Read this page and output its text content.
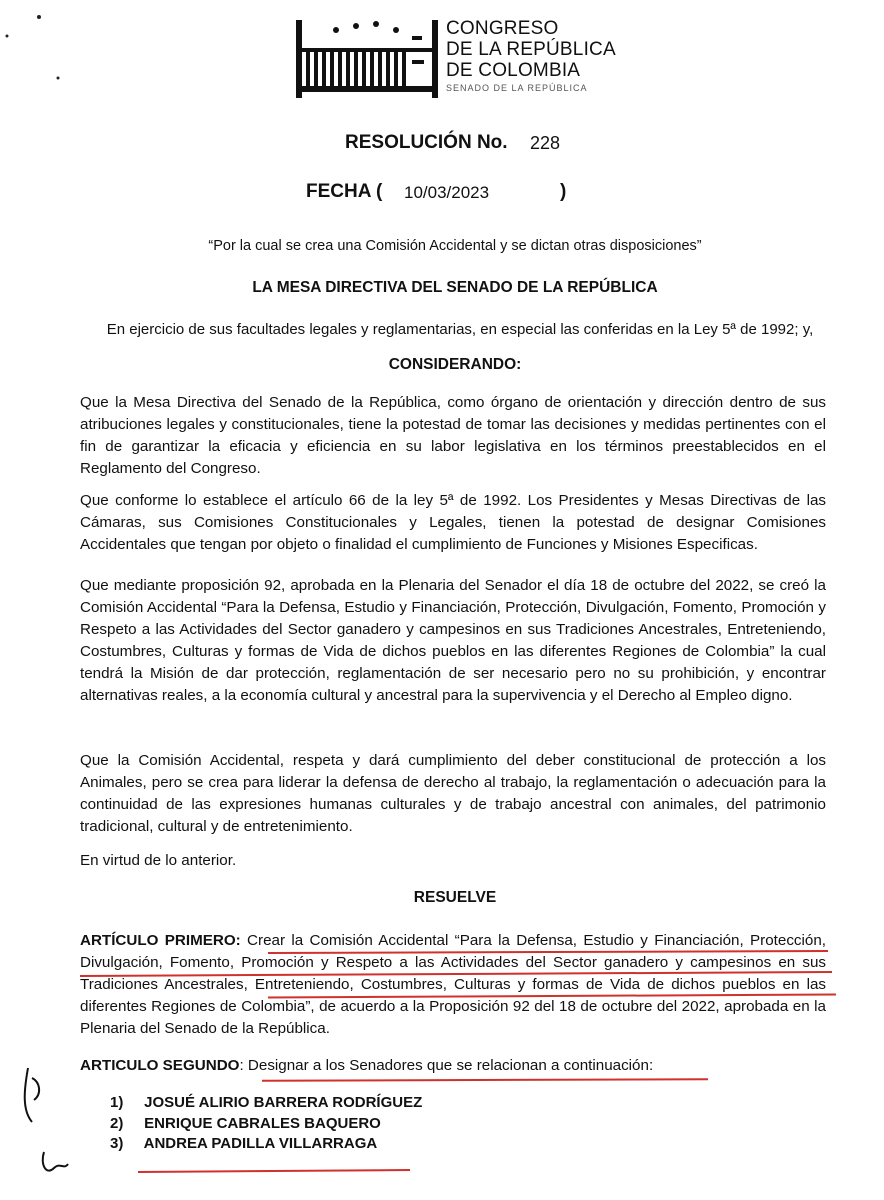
CONGRESO
DE LA REPÚBLICA
DE COLOMBIA
SENADO DE LA REPÚBLICA
RESOLUCIÓN No. 228
FECHA ( 10/03/2023	)
“Por la cual se crea una Comisión Accidental y se dictan otras disposiciones”
LA MESA DIRECTIVA DEL SENADO DE LA REPÚBLICA
En ejercicio de sus facultades legales y reglamentarias, en especial las conferidas en la Ley 5ª de 1992; y,
CONSIDERANDO:
Que la Mesa Directiva del Senado de la República, como órgano de orientación y dirección dentro de sus atribuciones legales y constitucionales, tiene la potestad de tomar las decisiones y medidas pertinentes con el fin de garantizar la eficacia y eficiencia en su labor legislativa en los términos preestablecidos en el Reglamento del Congreso.
Que conforme lo establece el artículo 66 de la ley 5ª de 1992. Los Presidentes y Mesas Directivas de las Cámaras, sus Comisiones Constitucionales y Legales, tienen la potestad de designar Comisiones Accidentales que tengan por objeto o finalidad el cumplimiento de Funciones y Misiones Especificas.
Que mediante proposición 92, aprobada en la Plenaria del Senador el día 18 de octubre del 2022, se creó la Comisión Accidental “Para la Defensa, Estudio y Financiación, Protección, Divulgación, Fomento, Promoción y Respeto a las Actividades del Sector ganadero y campesinos en sus Tradiciones Ancestrales, Entreteniendo, Costumbres, Culturas y formas de Vida de dichos pueblos en las diferentes Regiones de Colombia” la cual tendrá la Misión de dar protección, reglamentación de ser necesario pero no su prohibición, y encontrar alternativas reales, a la economía cultural y ancestral para la supervivencia y el Derecho al Empleo digno.
Que la Comisión Accidental, respeta y dará cumplimiento del deber constitucional de protección a los Animales, pero se crea para liderar la defensa de derecho al trabajo, la reglamentación o adecuación para la continuidad de las expresiones humanas culturales y de trabajo ancestral con animales, del patrimonio tradicional, cultural y de entretenimiento.
En virtud de lo anterior.
RESUELVE
ARTÍCULO PRIMERO: Crear la Comisión Accidental “Para la Defensa, Estudio y Financiación, Protección, Divulgación, Fomento, Promoción y Respeto a las Actividades del Sector ganadero y campesinos en sus Tradiciones Ancestrales, Entreteniendo, Costumbres, Culturas y formas de Vida de dichos pueblos en las diferentes Regiones de Colombia”, de acuerdo a la Proposición 92 del 18 de octubre del 2022, aprobada en la Plenaria del Senado de la República.
ARTICULO SEGUNDO: Designar a los Senadores que se relacionan a continuación:
1) JOSUÉ ALIRIO BARRERA RODRÍGUEZ
2) ENRIQUE CABRALES BAQUERO
3) ANDREA PADILLA VILLARRAGA
